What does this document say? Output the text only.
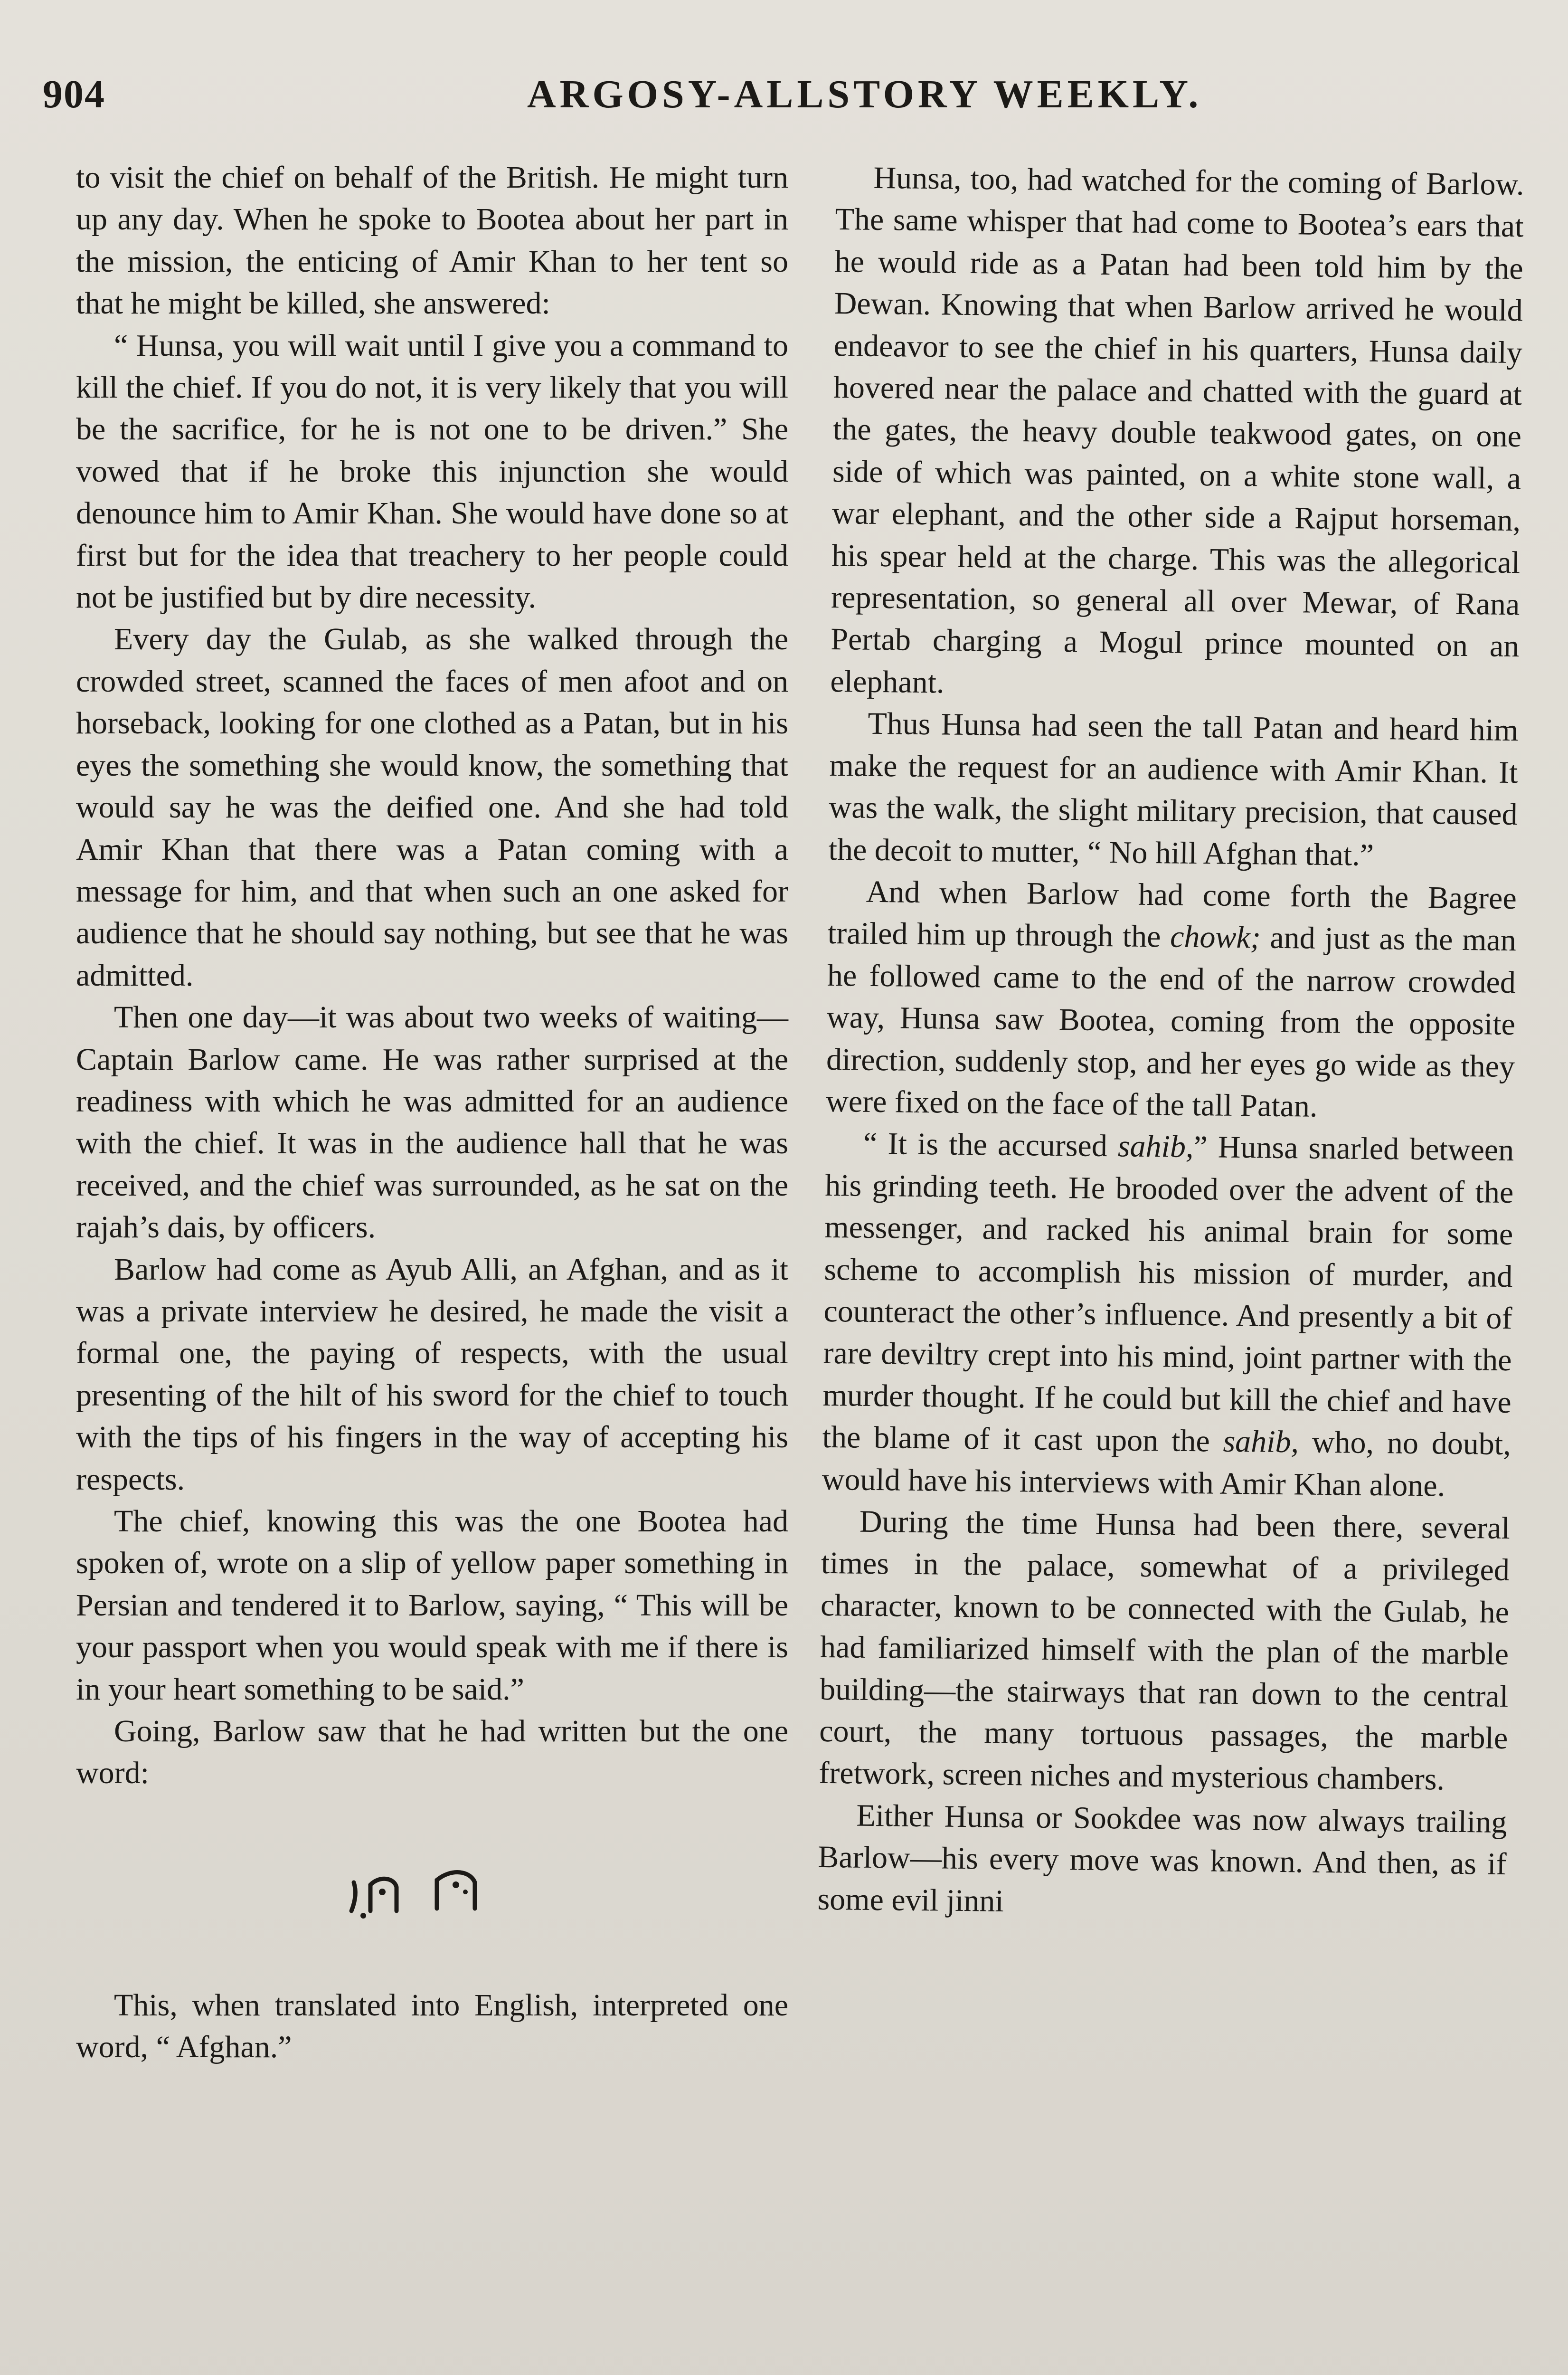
904	ARGOSY-ALLSTORY WEEKLY.

to visit the chief on behalf of the British. He might turn up any day. When he spoke to Bootea about her part in the mission, the enticing of Amir Khan to her tent so that he might be killed, she answered:

“ Hunsa, you will wait until I give you a command to kill the chief. If you do not, it is very likely that you will be the sacrifice, for he is not one to be driven.” She vowed that if he broke this injunction she would denounce him to Amir Khan. She would have done so at first but for the idea that treachery to her people could not be justified but by dire necessity.

Every day the Gulab, as she walked through the crowded street, scanned the faces of men afoot and on horseback, looking for one clothed as a Patan, but in his eyes the something she would know, the something that would say he was the deified one. And she had told Amir Khan that there was a Patan coming with a message for him, and that when such an one asked for audience that he should say nothing, but see that he was admitted.

Then one day—it was about two weeks of waiting—Captain Barlow came. He was rather surprised at the readiness with which he was admitted for an audience with the chief. It was in the audience hall that he was received, and the chief was surrounded, as he sat on the rajah’s dais, by officers.

Barlow had come as Ayub Alli, an Afghan, and as it was a private interview he desired, he made the visit a formal one, the paying of respects, with the usual presenting of the hilt of his sword for the chief to touch with the tips of his fingers in the way of accepting his respects.

The chief, knowing this was the one Bootea had spoken of, wrote on a slip of yellow paper something in Persian and tendered it to Barlow, saying, “ This will be your passport when you would speak with me if there is in your heart something to be said.”

Going, Barlow saw that he had written but the one word:

This, when translated into English, interpreted one word, “ Afghan.”

Hunsa, too, had watched for the coming of Barlow. The same whisper that had come to Bootea’s ears that he would ride as a Patan had been told him by the Dewan. Knowing that when Barlow arrived he would endeavor to see the chief in his quarters, Hunsa daily hovered near the palace and chatted with the guard at the gates, the heavy double teakwood gates, on one side of which was painted, on a white stone wall, a war elephant, and the other side a Rajput horseman, his spear held at the charge. This was the allegorical representation, so general all over Mewar, of Rana Pertab charging a Mogul prince mounted on an elephant.

Thus Hunsa had seen the tall Patan and heard him make the request for an audience with Amir Khan. It was the walk, the slight military precision, that caused the decoit to mutter, “ No hill Afghan that.”

And when Barlow had come forth the Bagree trailed him up through the chowk; and just as the man he followed came to the end of the narrow crowded way, Hunsa saw Bootea, coming from the opposite direction, suddenly stop, and her eyes go wide as they were fixed on the face of the tall Patan.

“ It is the accursed sahib,” Hunsa snarled between his grinding teeth. He brooded over the advent of the messenger, and racked his animal brain for some scheme to accomplish his mission of murder, and counteract the other’s influence. And presently a bit of rare deviltry crept into his mind, joint partner with the murder thought. If he could but kill the chief and have the blame of it cast upon the sahib, who, no doubt, would have his interviews with Amir Khan alone.

During the time Hunsa had been there, several times in the palace, somewhat of a privileged character, known to be connected with the Gulab, he had familiarized himself with the plan of the marble building—the stairways that ran down to the central court, the many tortuous passages, the marble fretwork, screen niches and mysterious chambers.

Either Hunsa or Sookdee was now always trailing Barlow—his every move was known. And then, as if some evil jinni
